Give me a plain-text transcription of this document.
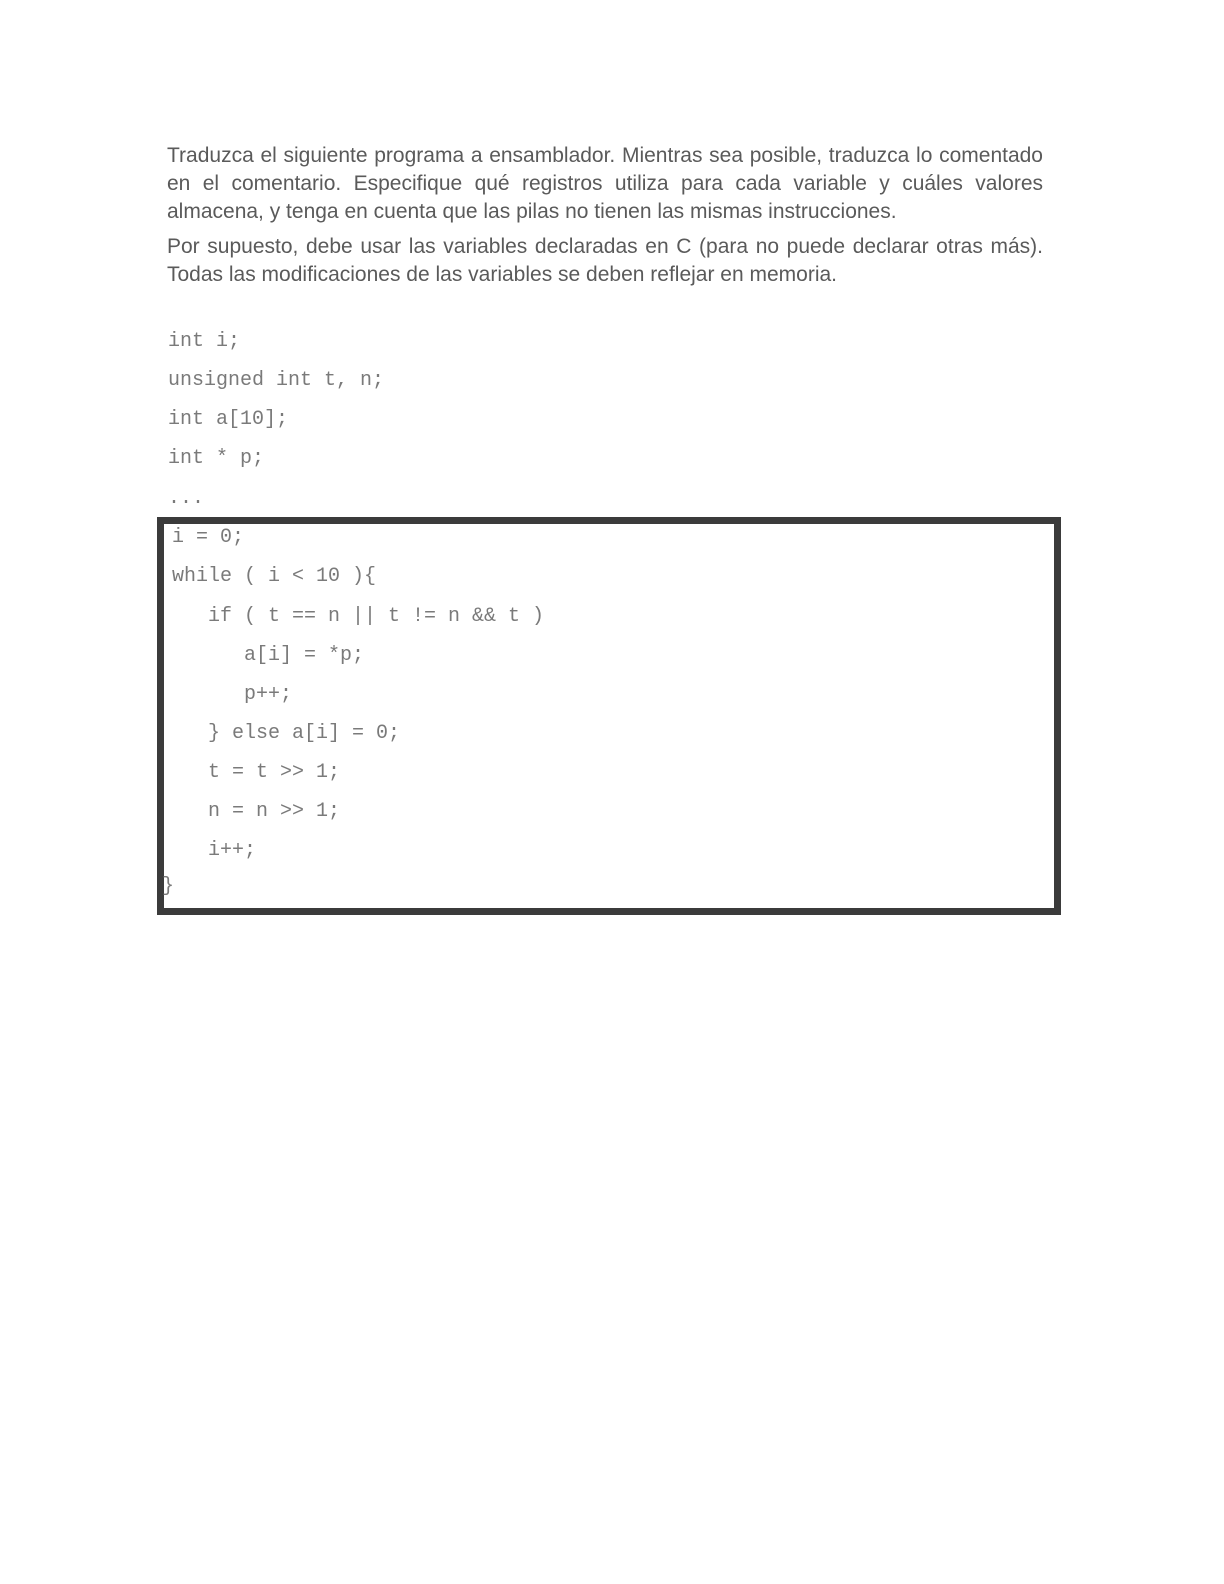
Traduzca el siguiente programa a ensamblador. Mientras sea posible, traduzca lo comentado en el comentario. Especifique qué registros utiliza para cada variable y cuáles valores almacena, y tenga en cuenta que las pilas no tienen las mismas instrucciones.

Por supuesto, debe usar las variables declaradas en C (para no puede declarar otras más). Todas las modificaciones de las variables se deben reflejar en memoria.

int i;
unsigned int t, n;
int a[10];
int * p;
...
i = 0;
while ( i < 10 ){
if ( t == n || t != n && t )
a[i] = *p;
p++;
} else a[i] = 0;
t = t >> 1;
n = n >> 1;
i++;
}
